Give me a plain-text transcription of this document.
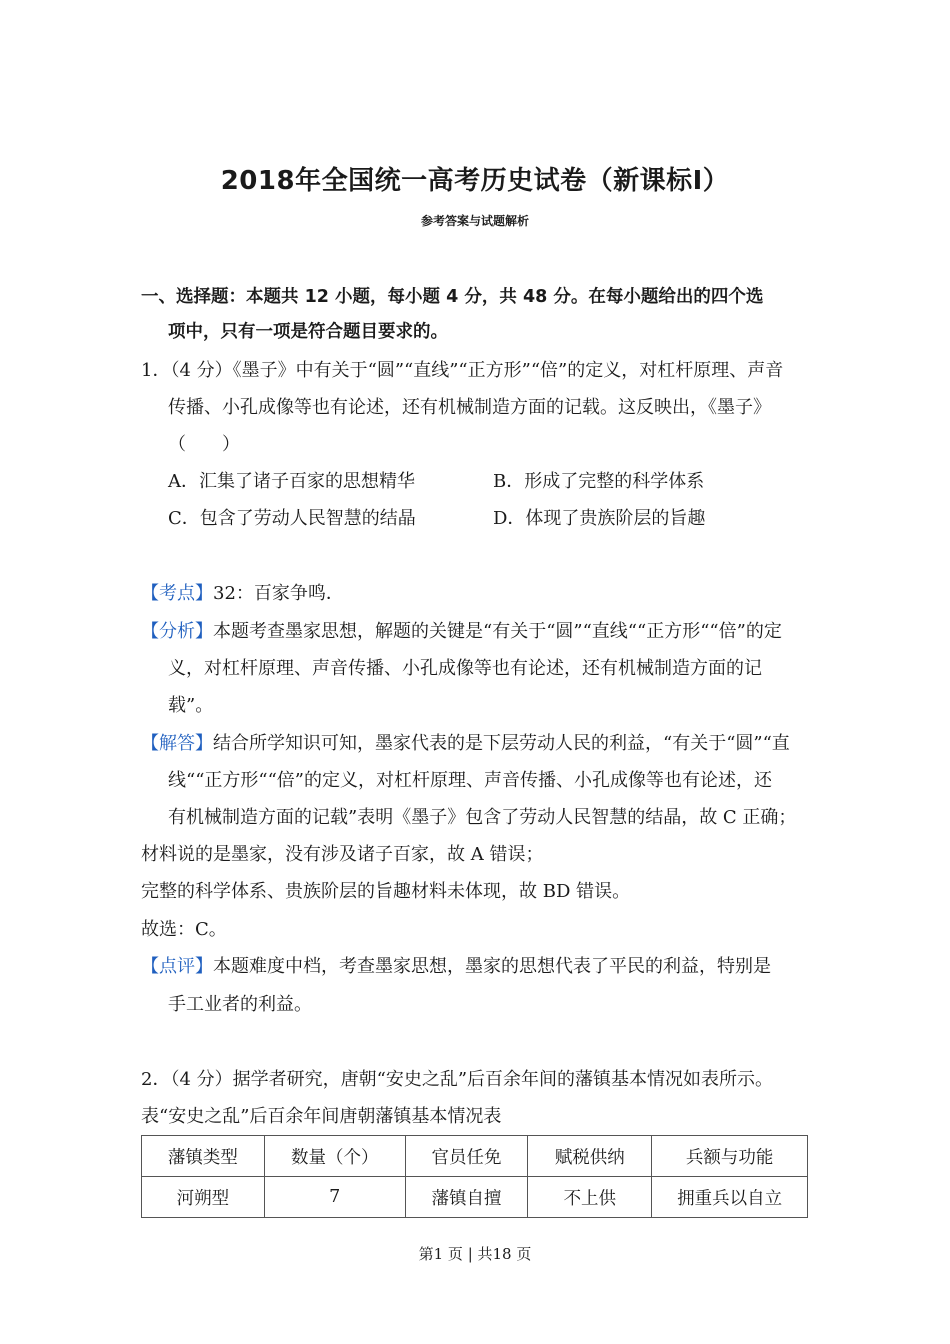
2018年全国统一高考历史试卷（新课标Ⅰ）
参考答案与试题解析
一、选择题：本题共 12 小题，每小题 4 分，共 48 分。在每小题给出的四个选
项中，只有一项是符合题目要求的。
1．（4 分）《墨子》中有关于“圆”“直线”“正方形”“倍”的定义，对杠杆原理、声音
传播、小孔成像等也有论述，还有机械制造方面的记载。这反映出，《墨子》
（　　）
A．汇集了诸子百家的思想精华	B．形成了完整的科学体系
C．包含了劳动人民智慧的结晶	D．体现了贵族阶层的旨趣
【考点】32：百家争鸣．
【分析】本题考查墨家思想，解题的关键是“有关于“圆”“直线““正方形““倍”的定
义，对杠杆原理、声音传播、小孔成像等也有论述，还有机械制造方面的记
载”。
【解答】结合所学知识可知，墨家代表的是下层劳动人民的利益，“有关于“圆”“直
线““正方形““倍”的定义，对杠杆原理、声音传播、小孔成像等也有论述，还
有机械制造方面的记载”表明《墨子》包含了劳动人民智慧的结晶，故 C 正确；
材料说的是墨家，没有涉及诸子百家，故 A 错误；
完整的科学体系、贵族阶层的旨趣材料未体现，故 BD 错误。
故选：C。
【点评】本题难度中档，考查墨家思想，墨家的思想代表了平民的利益，特别是
手工业者的利益。
2．（4 分）据学者研究，唐朝“安史之乱”后百余年间的藩镇基本情况如表所示。
表“安史之乱”后百余年间唐朝藩镇基本情况表
藩镇类型	数量（个）	官员任免	赋税供纳	兵额与功能
河朔型	7	藩镇自擅	不上供	拥重兵以自立
第1 页 | 共18 页
